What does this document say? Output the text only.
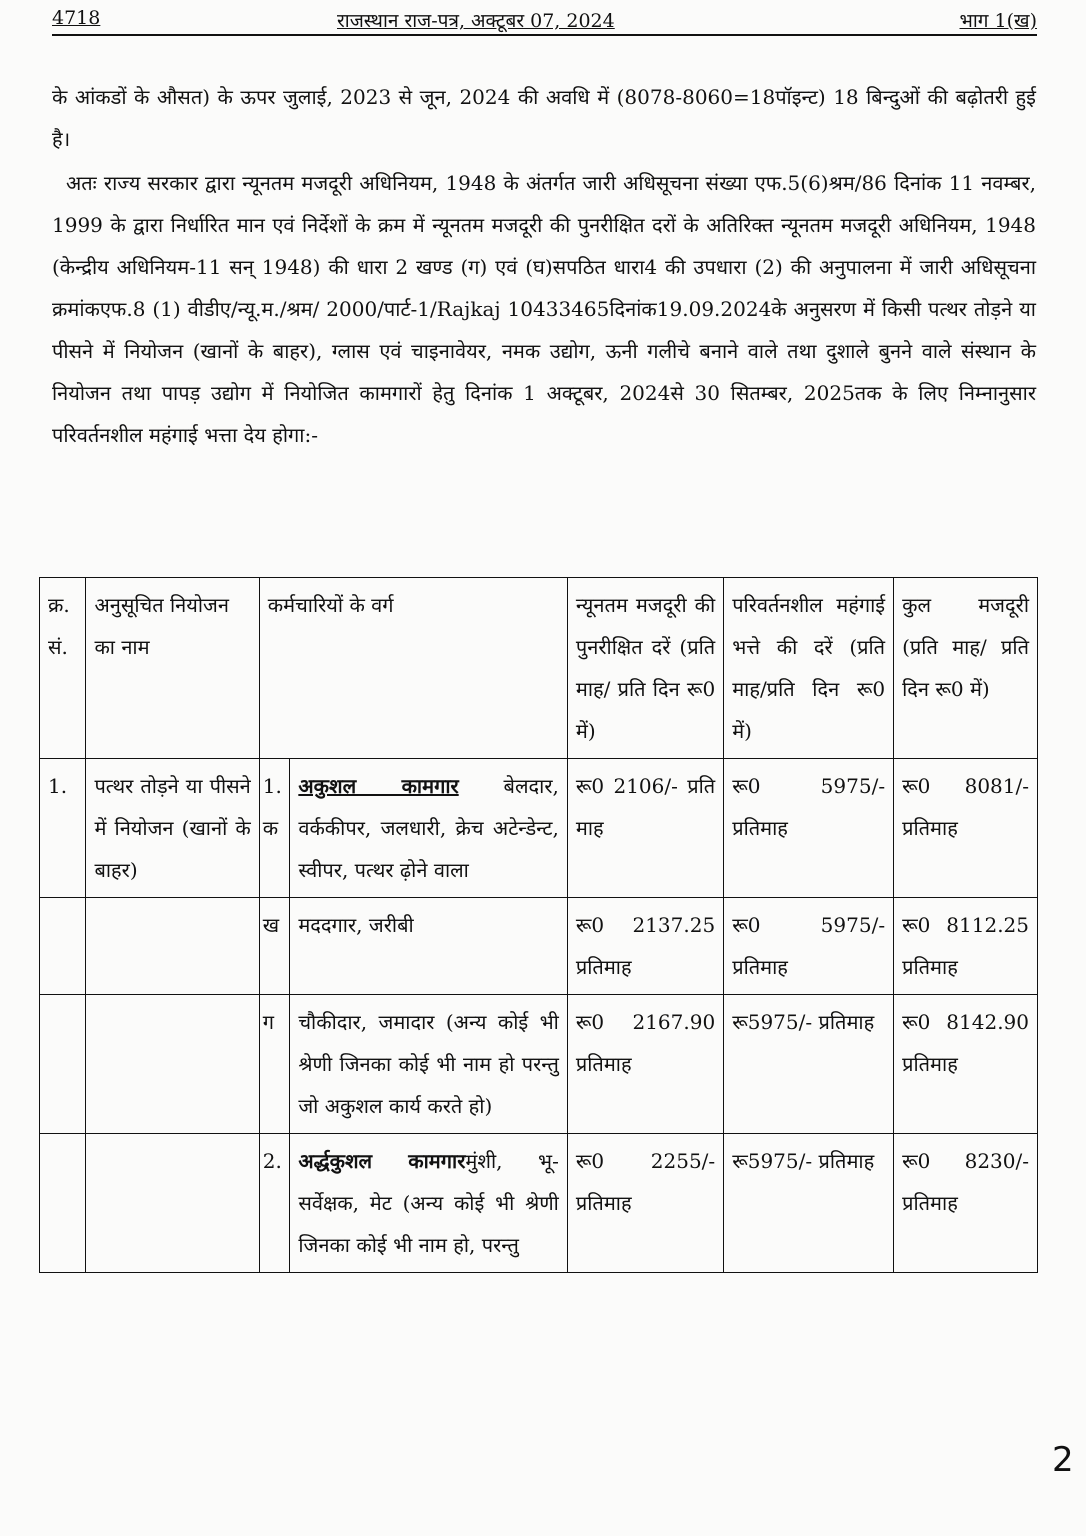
4718	राजस्थान राज-पत्र, अक्टूबर 07, 2024	भाग 1(ख)
के आंकडों के औसत) के ऊपर जुलाई, 2023 से जून, 2024 की अवधि में (8078-8060=18पॉइन्ट) 18 बिन्दुओं की बढ़ोतरी हुई है।
अतः राज्य सरकार द्वारा न्यूनतम मजदूरी अधिनियम, 1948 के अंतर्गत जारी अधिसूचना संख्या एफ.5(6)श्रम/86 दिनांक 11 नवम्बर, 1999 के द्वारा निर्धारित मान एवं निर्देशों के क्रम में न्यूनतम मजदूरी की पुनरीक्षित दरों के अतिरिक्त न्यूनतम मजदूरी अधिनियम, 1948 (केन्द्रीय अधिनियम-11 सन् 1948) की धारा 2 खण्ड (ग) एवं (घ)सपठित धारा4 की उपधारा (2) की अनुपालना में जारी अधिसूचना क्रमांकएफ.8 (1) वीडीए/न्यू.म./श्रम/ 2000/पार्ट-1/Rajkaj 10433465दिनांक19.09.2024के अनुसरण में किसी पत्थर तोड़ने या पीसने में नियोजन (खानों के बाहर), ग्लास एवं चाइनावेयर, नमक उद्योग, ऊनी गलीचे बनाने वाले तथा दुशाले बुनने वाले संस्थान के नियोजन तथा पापड़ उद्योग में नियोजित कामगारों हेतु दिनांक 1 अक्टूबर, 2024से 30 सितम्बर, 2025तक के लिए निम्नानुसार परिवर्तनशील महंगाई भत्ता देय होगा:-
क्र. सं.	अनुसूचित नियोजन का नाम	कर्मचारियों के वर्ग		न्यूनतम मजदूरी की पुनरीक्षित दरें (प्रति माह/ प्रति दिन रू0 में)	परिवर्तनशील महंगाई भत्ते की दरें (प्रति माह/प्रति दिन रू0 में)	कुल मजदूरी (प्रति माह/ प्रति दिन रू0 में)
1.	पत्थर तोड़ने या पीसने में नियोजन (खानों के बाहर)	1. क	अकुशल कामगार बेलदार, वर्ककीपर, जलधारी, क्रेच अटेन्डेन्ट, स्वीपर, पत्थर ढ़ोने वाला	रू0 2106/- प्रति माह	रू0 5975/- प्रतिमाह	रू0 8081/- प्रतिमाह
		ख	मददगार, जरीबी	रू0 2137.25 प्रतिमाह	रू0 5975/- प्रतिमाह	रू0 8112.25 प्रतिमाह
		ग	चौकीदार, जमादार (अन्य कोई भी श्रेणी जिनका कोई भी नाम हो परन्तु जो अकुशल कार्य करते हो)	रू0 2167.90 प्रतिमाह	रू5975/- प्रतिमाह	रू0 8142.90 प्रतिमाह
		2.	अर्द्धकुशल कामगारमुंशी, भू-सर्वेक्षक, मेट (अन्य कोई भी श्रेणी जिनका कोई भी नाम हो, परन्तु	रू0 2255/- प्रतिमाह	रू5975/- प्रतिमाह	रू0 8230/- प्रतिमाह
2
